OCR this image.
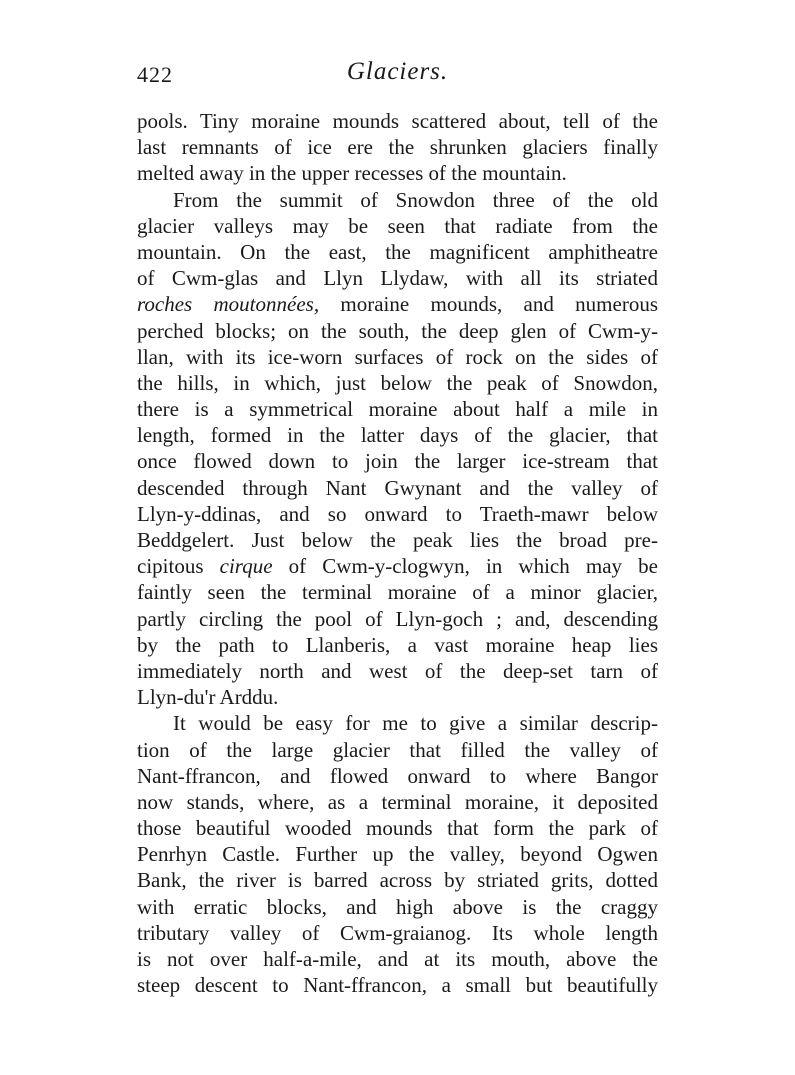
422	Glaciers.
pools. Tiny moraine mounds scattered about, tell of the
last remnants of ice ere the shrunken glaciers finally
melted away in the upper recesses of the mountain.
From the summit of Snowdon three of the old
glacier valleys may be seen that radiate from the
mountain. On the east, the magnificent amphitheatre
of Cwm-glas and Llyn Llydaw, with all its striated
roches moutonnées, moraine mounds, and numerous
perched blocks; on the south, the deep glen of Cwm-y-
llan, with its ice-worn surfaces of rock on the sides of
the hills, in which, just below the peak of Snowdon,
there is a symmetrical moraine about half a mile in
length, formed in the latter days of the glacier, that
once flowed down to join the larger ice-stream that
descended through Nant Gwynant and the valley of
Llyn-y-ddinas, and so onward to Traeth-mawr below
Beddgelert. Just below the peak lies the broad pre-
cipitous cirque of Cwm-y-clogwyn, in which may be
faintly seen the terminal moraine of a minor glacier,
partly circling the pool of Llyn-goch ; and, descending
by the path to Llanberis, a vast moraine heap lies
immediately north and west of the deep-set tarn of
Llyn-du'r Arddu.
It would be easy for me to give a similar descrip-
tion of the large glacier that filled the valley of
Nant-ffrancon, and flowed onward to where Bangor
now stands, where, as a terminal moraine, it deposited
those beautiful wooded mounds that form the park of
Penrhyn Castle. Further up the valley, beyond Ogwen
Bank, the river is barred across by striated grits, dotted
with erratic blocks, and high above is the craggy
tributary valley of Cwm-graianog. Its whole length
is not over half-a-mile, and at its mouth, above the
steep descent to Nant-ffrancon, a small but beautifully
